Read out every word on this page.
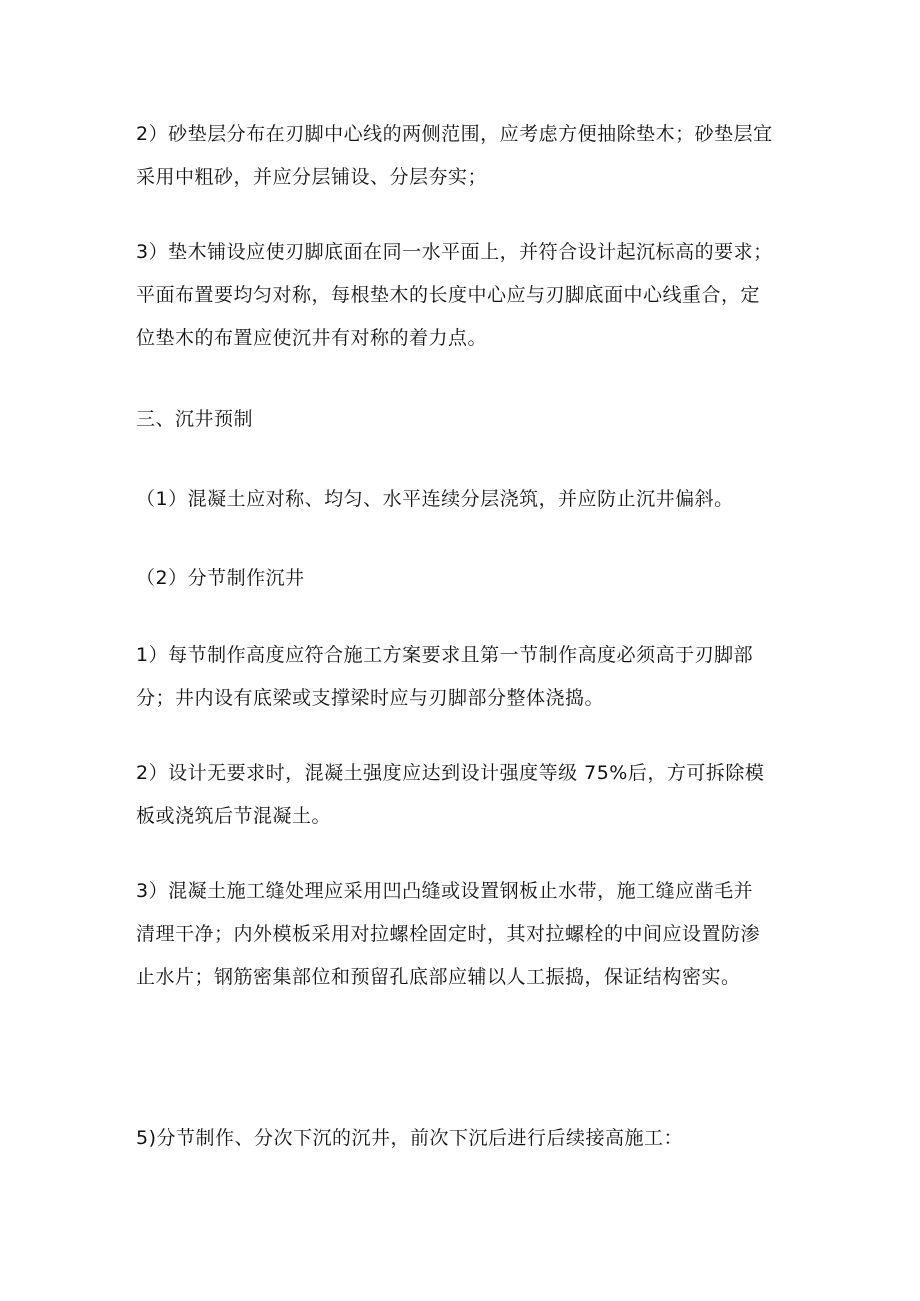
2）砂垫层分布在刃脚中心线的两侧范围，应考虑方便抽除垫木；砂垫层宜
采用中粗砂，并应分层铺设、分层夯实；

3）垫木铺设应使刃脚底面在同一水平面上，并符合设计起沉标高的要求；
平面布置要均匀对称，每根垫木的长度中心应与刃脚底面中心线重合，定
位垫木的布置应使沉井有对称的着力点。

三、沉井预制

（1）混凝土应对称、均匀、水平连续分层浇筑，并应防止沉井偏斜。

（2）分节制作沉井

1）每节制作高度应符合施工方案要求且第一节制作高度必须高于刃脚部
分；井内设有底梁或支撑梁时应与刃脚部分整体浇捣。

2）设计无要求时，混凝土强度应达到设计强度等级 75%后，方可拆除模
板或浇筑后节混凝土。

3）混凝土施工缝处理应采用凹凸缝或设置钢板止水带，施工缝应凿毛并
清理干净；内外模板采用对拉螺栓固定时，其对拉螺栓的中间应设置防渗
止水片；钢筋密集部位和预留孔底部应辅以人工振捣，保证结构密实。

5)分节制作、分次下沉的沉井，前次下沉后进行后续接高施工：
